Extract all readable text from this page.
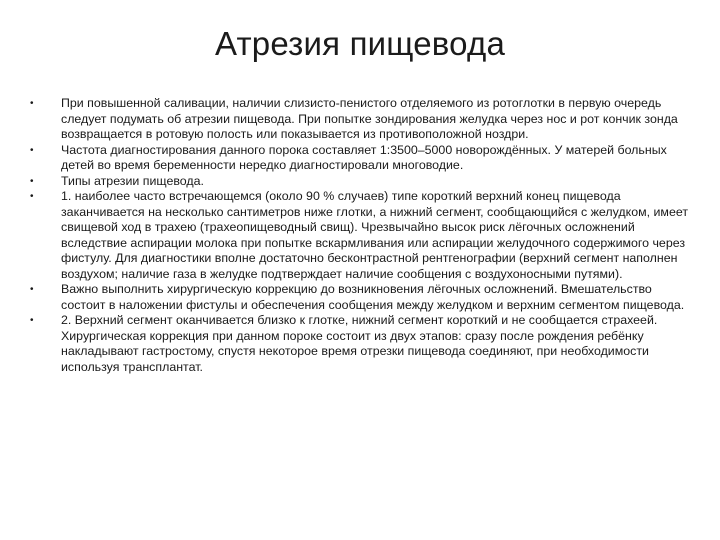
Атрезия пищевода
•	При повышенной саливации, наличии слизисто-пенистого отделяемого из ротоглотки в первую очередь следует подумать об атрезии пищевода. При попытке зондирования желудка через нос и рот кончик зонда возвращается в ротовую полость или показывается из противоположной ноздри.
•	Частота диагностирования данного порока составляет 1:3500–5000 новорождённых. У матерей больных детей во время беременности нередко диагностировали многоводие.
•	Типы атрезии пищевода.
•	1. наиболее часто встречающемся (около 90 % случаев) типе короткий верхний конец пищевода заканчивается на несколько сантиметров ниже глотки, а нижний сегмент, сообщающийся с желудком, имеет свищевой ход в трахею (трахеопищеводный свищ). Чрезвычайно высок риск лёгочных осложнений вследствие аспирации молока при попытке вскармливания или аспирации желудочного содержимого через фистулу. Для диагностики вполне достаточно бесконтрастной рентгенографии (верхний сегмент наполнен воздухом; наличие газа в желудке подтверждает наличие сообщения с воздухоносными путями).
•	Важно выполнить хирургическую коррекцию до возникновения лёгочных осложнений. Вмешательство состоит в наложении фистулы и обеспечения сообщения между желудком и верхним сегментом пищевода.
•	2. Верхний сегмент оканчивается близко к глотке, нижний сегмент короткий и не сообщается страхеей. Хирургическая коррекция при данном пороке состоит из двух этапов: сразу после рождения ребёнку накладывают гастростому, спустя некоторое время отрезки пищевода соединяют, при необходимости используя трансплантат.
